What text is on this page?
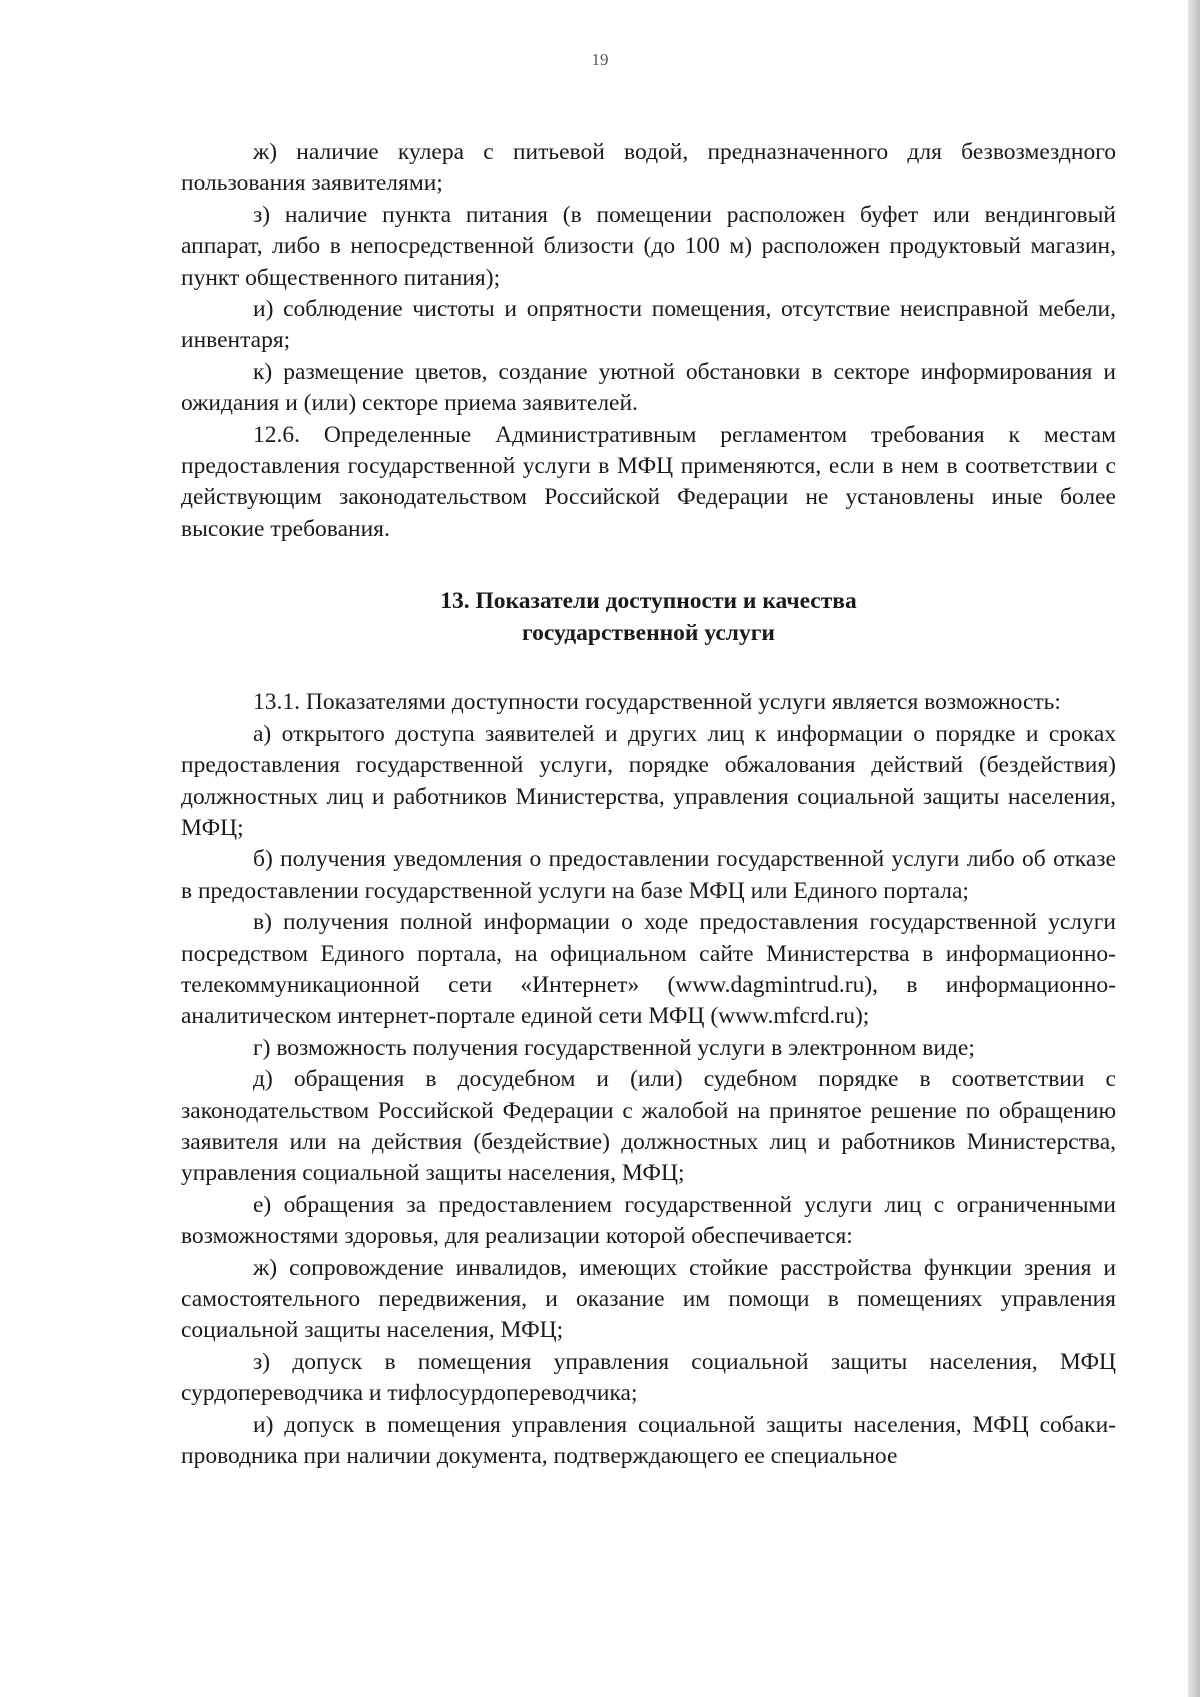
19

ж) наличие кулера с питьевой водой, предназначенного для безвозмездного пользования заявителями;

з) наличие пункта питания (в помещении расположен буфет или вендинговый аппарат, либо в непосредственной близости (до 100 м) расположен продуктовый магазин, пункт общественного питания);

и) соблюдение чистоты и опрятности помещения, отсутствие неисправной мебели, инвентаря;

к) размещение цветов, создание уютной обстановки в секторе информирования и ожидания и (или) секторе приема заявителей.

12.6. Определенные Административным регламентом требования к местам предоставления государственной услуги в МФЦ применяются, если в нем в соответствии с действующим законодательством Российской Федерации не установлены иные более высокие требования.

13. Показатели доступности и качества
государственной услуги

13.1. Показателями доступности государственной услуги является возможность:

а) открытого доступа заявителей и других лиц к информации о порядке и сроках предоставления государственной услуги, порядке обжалования действий (бездействия) должностных лиц и работников Министерства, управления социальной защиты населения, МФЦ;

б) получения уведомления о предоставлении государственной услуги либо об отказе в предоставлении государственной услуги на базе МФЦ или Единого портала;

в) получения полной информации о ходе предоставления государственной услуги посредством Единого портала, на официальном сайте Министерства в информационно-телекоммуникационной сети «Интернет» (www.dagmintrud.ru), в информационно-аналитическом интернет-портале единой сети МФЦ (www.mfcrd.ru);

г) возможность получения государственной услуги в электронном виде;

д) обращения в досудебном и (или) судебном порядке в соответствии с законодательством Российской Федерации с жалобой на принятое решение по обращению заявителя или на действия (бездействие) должностных лиц и работников Министерства, управления социальной защиты населения, МФЦ;

е) обращения за предоставлением государственной услуги лиц с ограниченными возможностями здоровья, для реализации которой обеспечивается:

ж) сопровождение инвалидов, имеющих стойкие расстройства функции зрения и самостоятельного передвижения, и оказание им помощи в помещениях управления социальной защиты населения, МФЦ;

з) допуск в помещения управления социальной защиты населения, МФЦ сурдопереводчика и тифлосурдопереводчика;

и) допуск в помещения управления социальной защиты населения, МФЦ собаки-проводника при наличии документа, подтверждающего ее специальное
